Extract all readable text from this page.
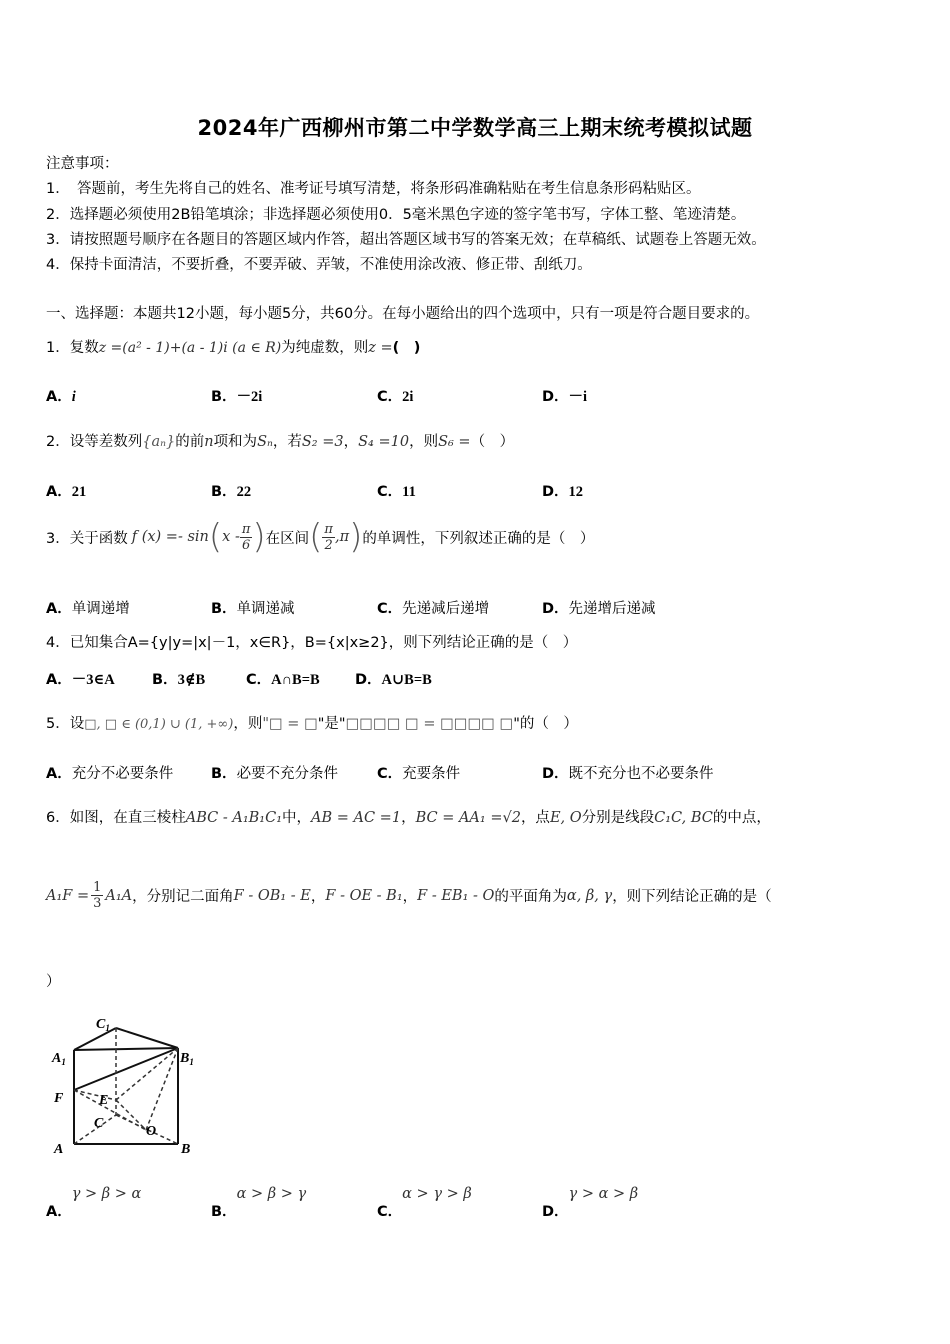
2024年广西柳州市第二中学数学高三上期末统考模拟试题
注意事项：
1．　答题前，考生先将自己的姓名、准考证号填写清楚，将条形码准确粘贴在考生信息条形码粘贴区。
2．选择题必须使用2B铅笔填涂；非选择题必须使用0．5毫米黑色字迹的签字笔书写，字体工整、笔迹清楚。
3．请按照题号顺序在各题目的答题区域内作答，超出答题区域书写的答案无效；在草稿纸、试题卷上答题无效。
4．保持卡面清洁，不要折叠，不要弄破、弄皱，不准使用涂改液、修正带、刮纸刀。
一、选择题：本题共12小题，每小题5分，共60分。在每小题给出的四个选项中，只有一项是符合题目要求的。
1．复数z =(a² - 1)+(a - 1)i (a ∈ R)为纯虚数，则z =(　)
A．i	B．－2i	C．2i	D．－i
2．设等差数列{aₙ}的前n项和为Sₙ，若S₂ =3，S₄ =10，则S₆ =（　）
A．21	B．22	C．11	D．12
3．关于函数 f (x) =- sin ( x - $\frac{\pi}{6}$ ) 在区间 ( $\frac{\pi}{2} ,\pi$ ) 的单调性，下列叙述正确的是（　）
A．单调递增	B．单调递减	C．先递减后递增	D．先递增后递减
4．已知集合A={y|y=|x|－1，x∈R}，B={x|x≥2}，则下列结论正确的是（　）
A．－3∈A	B．3∉B	C．A∩B=B D．A∪B=B
5．设□, □ ∈ (0,1) ∪ (1, +∞)，则"□ = □"是"□□□□ □ = □□□□ □"的（　）
A．充分不必要条件	B．必要不充分条件	C．充要条件	D．既不充分也不必要条件
6．如图，在直三棱柱ABC - A₁B₁C₁中，AB = AC =1，BC = AA₁ =√2，点E, O分别是线段C₁C, BC的中点，
$A_1F = \frac{1}{3} A_1A$ ，分别记二面角 F - OB₁ - E ， F - OE - B₁ ， F - EB₁ - O 的平面角为 α, β, γ ，则下列结论正确的是（
）
$C_1$
$A_1$	$B_1$
F	E
C
O
A	B
A．γ > β > α
B．α > β > γ
C．α > γ > β
D．γ > α > β
